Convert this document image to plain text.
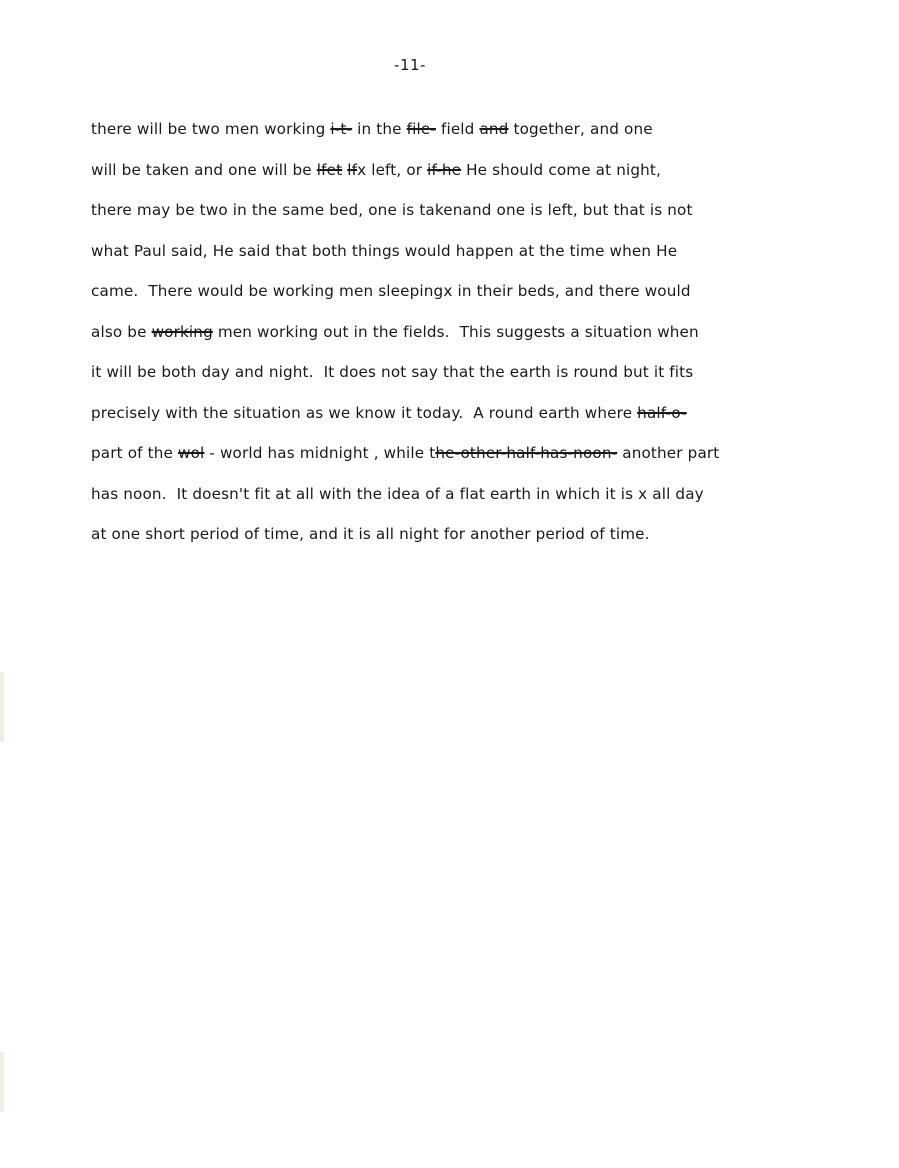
-11-
there will be two men working i-t- in the file- field and together, and one
will be taken and one will be lfet lfx left, or if-he He should come at night,
there may be two in the same bed, one is takenand one is left, but that is not
what Paul said, He said that both things would happen at the time when He
came.  There would be working men sleepingx in their beds, and there would
also be working men working out in the fields.  This suggests a situation when
it will be both day and night.  It does not say that the earth is round but it fits
precisely with the situation as we know it today.  A round earth where half-o-
part of the wol - world has midnight , while the-other-half-has-noon- another part
has noon.  It doesn't fit at all with the idea of a flat earth in which it is x all day
at one short period of time, and it is all night for another period of time.
